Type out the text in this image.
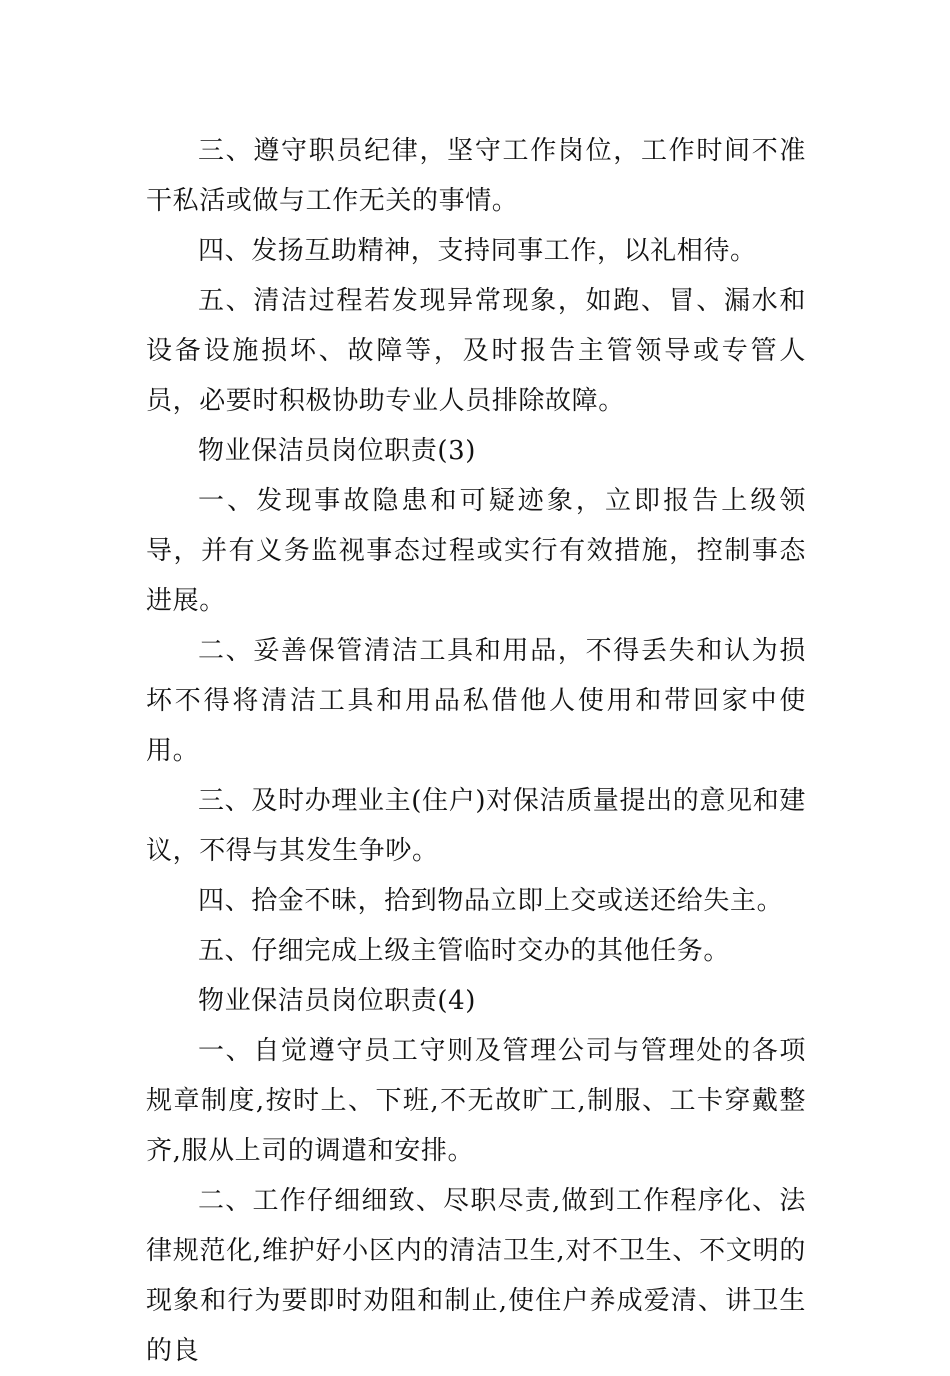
三、遵守职员纪律，坚守工作岗位，工作时间不准干私活或做与工作无关的事情。

四、发扬互助精神，支持同事工作，以礼相待。

五、清洁过程若发现异常现象，如跑、冒、漏水和设备设施损坏、故障等，及时报告主管领导或专管人员，必要时积极协助专业人员排除故障。

物业保洁员岗位职责(3)

一、发现事故隐患和可疑迹象，立即报告上级领导，并有义务监视事态过程或实行有效措施，控制事态进展。

二、妥善保管清洁工具和用品，不得丢失和认为损坏不得将清洁工具和用品私借他人使用和带回家中使用。

三、及时办理业主(住户)对保洁质量提出的意见和建议，不得与其发生争吵。

四、拾金不昧，拾到物品立即上交或送还给失主。

五、仔细完成上级主管临时交办的其他任务。

物业保洁员岗位职责(4)

一、自觉遵守员工守则及管理公司与管理处的各项规章制度,按时上、下班,不无故旷工,制服、工卡穿戴整齐,服从上司的调遣和安排。

二、工作仔细细致、尽职尽责,做到工作程序化、法律规范化,维护好小区内的清洁卫生,对不卫生、不文明的现象和行为要即时劝阻和制止,使住户养成爱清、讲卫生的良
